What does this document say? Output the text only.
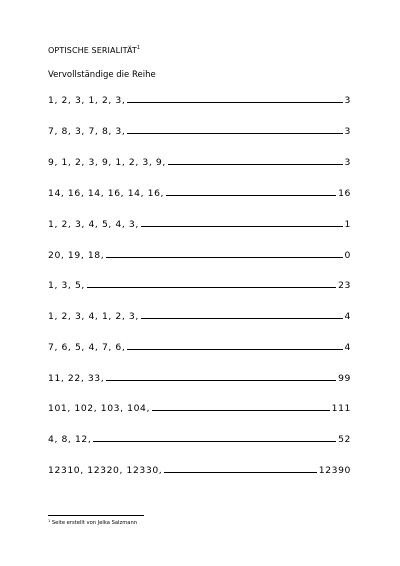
OPTISCHE SERIALITÄT$^1$
Vervollständige die Reihe
1, 2, 3, 1, 2, 3,	3
7, 8, 3, 7, 8, 3,	3
9, 1, 2, 3, 9, 1, 2, 3, 9,	3
14, 16, 14, 16, 14, 16,	16
1, 2, 3, 4, 5, 4, 3,	1
20, 19, 18,	0
1, 3, 5,	23
1, 2, 3, 4, 1, 2, 3,	4
7, 6, 5, 4, 7, 6,	4
11, 22, 33,	99
101, 102, 103, 104,	111
4, 8, 12,	52
12310, 12320, 12330,	12390
$^1$ Seite erstellt von Jelka Salzmann
